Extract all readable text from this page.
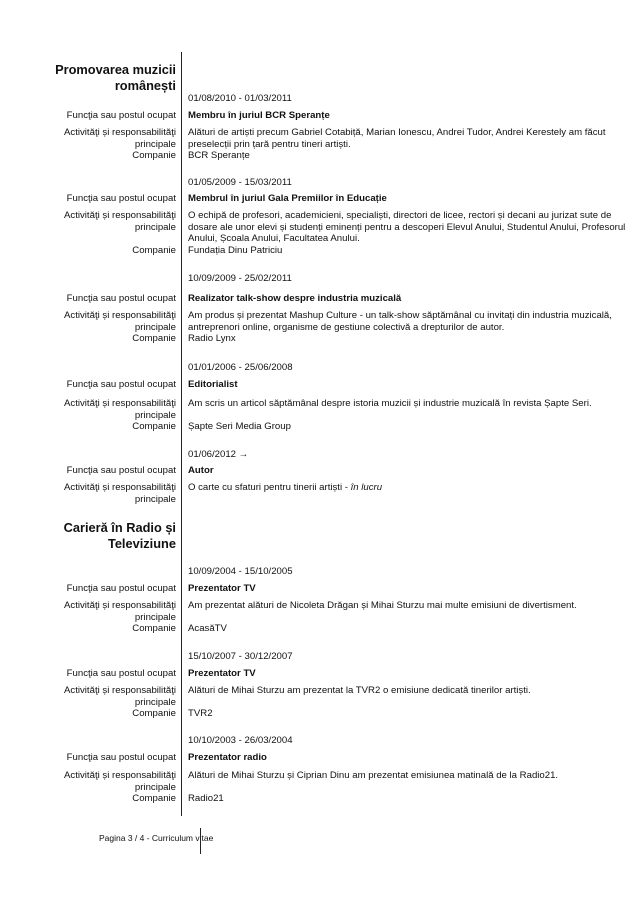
Promovarea muzicii
românești
01/08/2010 - 01/03/2011
Funcţia sau postul ocupat Membru în juriul BCR Speranțe
Activităţi și responsabilităţi
principale
Companie
Alături de artiști precum Gabriel Cotabiță, Marian Ionescu, Andrei Tudor, Andrei Kerestely am făcut
preselecții prin țară pentru tineri artiști.
BCR Speranțe
01/05/2009 - 15/03/2011
Funcţia sau postul ocupat Membrul în juriul Gala Premiilor în Educație
Activităţi și responsabilităţi
principale
Companie
O echipă de profesori, academicieni, specialiști, directori de licee, rectori și decani au jurizat sute de
dosare ale unor elevi și studenți eminenți pentru a descoperi Elevul Anului, Studentul Anului, Profesorul
Anului, Școala Anului, Facultatea Anului.
Fundația Dinu Patriciu
10/09/2009 - 25/02/2011
Funcţia sau postul ocupat Realizator talk-show despre industria muzicală
Activităţi și responsabilităţi
principale
Companie
Am produs și prezentat Mashup Culture - un talk-show săptămânal cu invitați din industria muzicală,
antreprenori online, organisme de gestiune colectivă a drepturilor de autor.
Radio Lynx
01/01/2006 - 25/06/2008
Funcţia sau postul ocupat Editorialist
Activităţi și responsabilităţi
principale
Companie
Am scris un articol săptămânal despre istoria muzicii și industrie muzicală în revista Șapte Seri.
Șapte Seri Media Group
01/06/2012 →
Funcţia sau postul ocupat Autor
Activităţi și responsabilităţi
principale
O carte cu sfaturi pentru tinerii artiști - în lucru
Carieră în Radio și
Televiziune
10/09/2004 - 15/10/2005
Funcţia sau postul ocupat Prezentator TV
Activităţi și responsabilităţi
principale
Companie
Am prezentat alături de Nicoleta Drăgan și Mihai Sturzu mai multe emisiuni de divertisment.
AcasăTV
15/10/2007 - 30/12/2007
Funcţia sau postul ocupat Prezentator TV
Activităţi și responsabilităţi
principale
Companie
Alături de Mihai Sturzu am prezentat la TVR2 o emisiune dedicată tinerilor artiști.
TVR2
10/10/2003 - 26/03/2004
Funcţia sau postul ocupat Prezentator radio
Activităţi și responsabilităţi
principale
Companie
Alături de Mihai Sturzu și Ciprian Dinu am prezentat emisiunea matinală de la Radio21.
Radio21
Pagina 3 / 4 - Curriculum vitae
